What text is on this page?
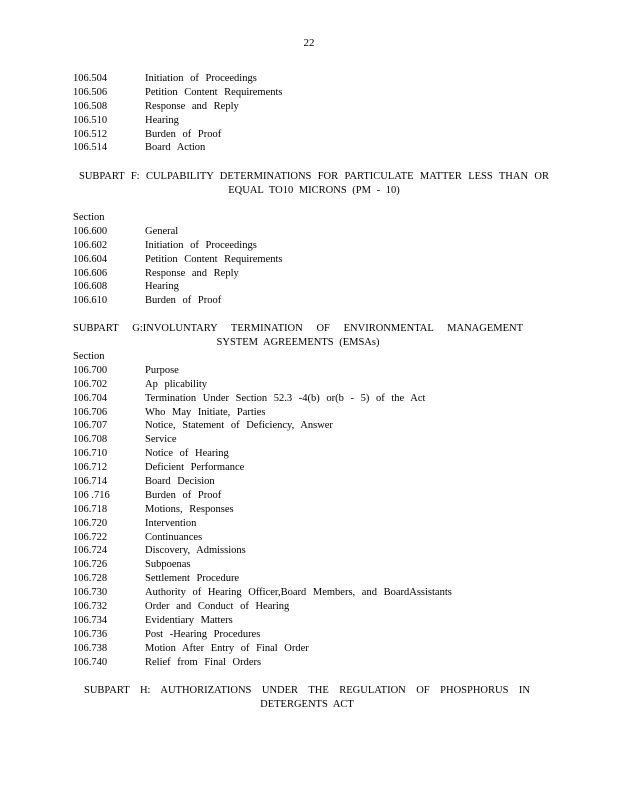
22
106.504	Initiation of Proceedings
106.506	Petition Content Requirements
106.508	Response and Reply
106.510	Hearing
106.512	Burden of Proof
106.514	Board Action
SUBPART F: CULPABILITY DETERMINATIONS FOR PARTICULATE MATTER LESS THAN OR EQUAL TO10 MICRONS (PM - 10)
Section
106.600	General
106.602	Initiation of Proceedings
106.604	Petition Content Requirements
106.606	Response and Reply
106.608	Hearing
106.610	Burden of Proof
SUBPART G:INVOLUNTARY TERMINATION OF ENVIRONMENTAL MANAGEMENT SYSTEM AGREEMENTS (EMSAs)
Section
106.700	Purpose
106.702	Ap plicability
106.704	Termination Under Section 52.3 -4(b) or(b - 5) of the Act
106.706	Who May Initiate, Parties
106.707	Notice, Statement of Deficiency, Answer
106.708	Service
106.710	Notice of Hearing
106.712	Deficient Performance
106.714	Board Decision
106 .716	Burden of Proof
106.718	Motions, Responses
106.720	Intervention
106.722	Continuances
106.724	Discovery, Admissions
106.726	Subpoenas
106.728	Settlement Procedure
106.730	Authority of Hearing Officer,Board Members, and BoardAssistants
106.732	Order and Conduct of Hearing
106.734	Evidentiary Matters
106.736	Post -Hearing Procedures
106.738	Motion After Entry of Final Order
106.740	Relief from Final Orders
SUBPART H: AUTHORIZATIONS UNDER THE REGULATION OF PHOSPHORUS IN DETERGENTS ACT
